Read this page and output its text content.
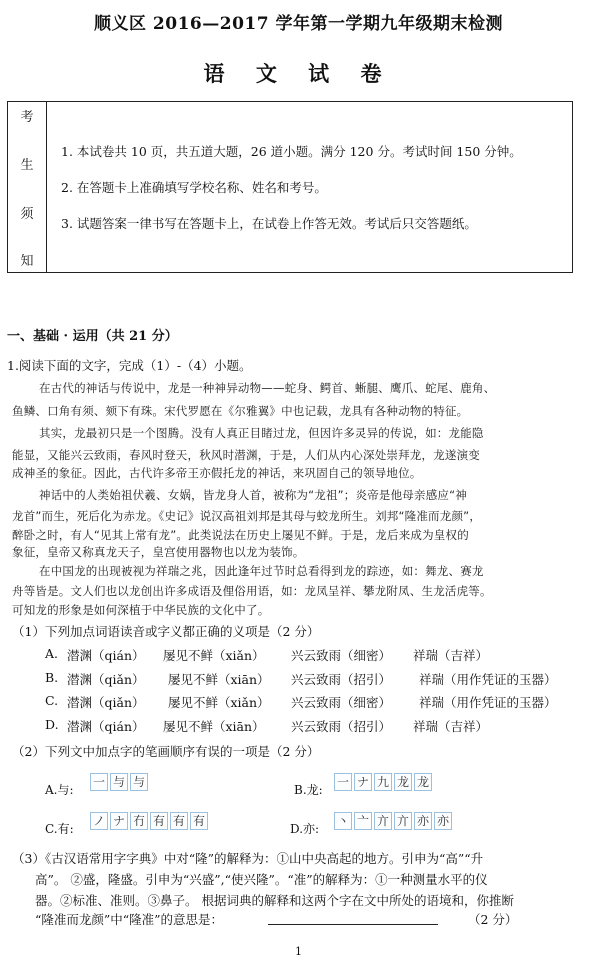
顺义区 2016—2017 学年第一学期九年级期末检测
语 文 试 卷
考
生
须
知
1. 本试卷共 10 页，共五道大题，26 道小题。满分 120 分。考试时间 150 分钟。
2. 在答题卡上准确填写学校名称、姓名和考号。
3. 试题答案一律书写在答题卡上，在试卷上作答无效。考试后只交答题纸。
一、基础 · 运用（共 21 分）
1.阅读下面的文字，完成（1）-（4）小题。
在古代的神话与传说中，龙是一种神异动物——蛇身、鳄首、蜥腿、鹰爪、蛇尾、鹿角、
鱼鳞、口角有须、颏下有珠。宋代罗愿在《尔雅翼》中也记载，龙具有各种动物的特征。
其实，龙最初只是一个图腾。没有人真正目睹过龙，但因许多灵异的传说，如：龙能隐
能显，又能兴云致雨，春风时登天，秋风时潜渊，于是，人们从内心深处崇拜龙，龙遂演变
成神圣的象征。因此，古代许多帝王亦假托龙的神话，来巩固自己的领导地位。
神话中的人类始祖伏羲、女娲，皆龙身人首，被称为“龙祖”；炎帝是他母亲感应“神
龙首”而生，死后化为赤龙。《史记》说汉高祖刘邦是其母与蛟龙所生。刘邦“隆准而龙颜”，
醉卧之时，有人“见其上常有龙”。此类说法在历史上屡见不鲜。于是，龙后来成为皇权的
象征，皇帝又称真龙天子，皇宫使用器物也以龙为装饰。
在中国龙的出现被视为祥瑞之兆，因此逢年过节时总看得到龙的踪迹，如：舞龙、赛龙
舟等皆是。文人们也以龙创出许多成语及俚俗用语，如：龙凤呈祥、攀龙附凤、生龙活虎等。
可知龙的形象是如何深植于中华民族的文化中了。
（1）下列加点词语读音或字义都正确的义项是（2 分）
A. 潜渊（qián） 屡见不鲜（xiǎn） 兴云致雨（细密） 祥瑞（吉祥）
B. 潜渊（qiǎn） 屡见不鲜（xiān） 兴云致雨（招引） 祥瑞（用作凭证的玉器）
C. 潜渊（qiǎn） 屡见不鲜（xiǎn） 兴云致雨（细密） 祥瑞（用作凭证的玉器）
D. 潜渊（qián） 屡见不鲜（xiān） 兴云致雨（招引） 祥瑞（吉祥）
（2）下列文中加点字的笔画顺序有误的一项是（2 分）
A.与:
一 与 与
B.龙:
一 ナ 九 龙 龙
C.有:
ノ ナ 冇 有 有 有
D.亦:
丶 亠 亣 亣 亦 亦
（3）《古汉语常用字字典》中对“隆”的解释为：①山中央高起的地方。引申为“高”“升
高”。 ②盛，隆盛。引申为“兴盛”,“使兴隆”。“准”的解释为：①一种测量水平的仪
器。②标准、准则。③鼻子。 根据词典的解释和这两个字在文中所处的语境和，你推断
“隆准而龙颜”中“隆准”的意思是：	（2 分）
1
